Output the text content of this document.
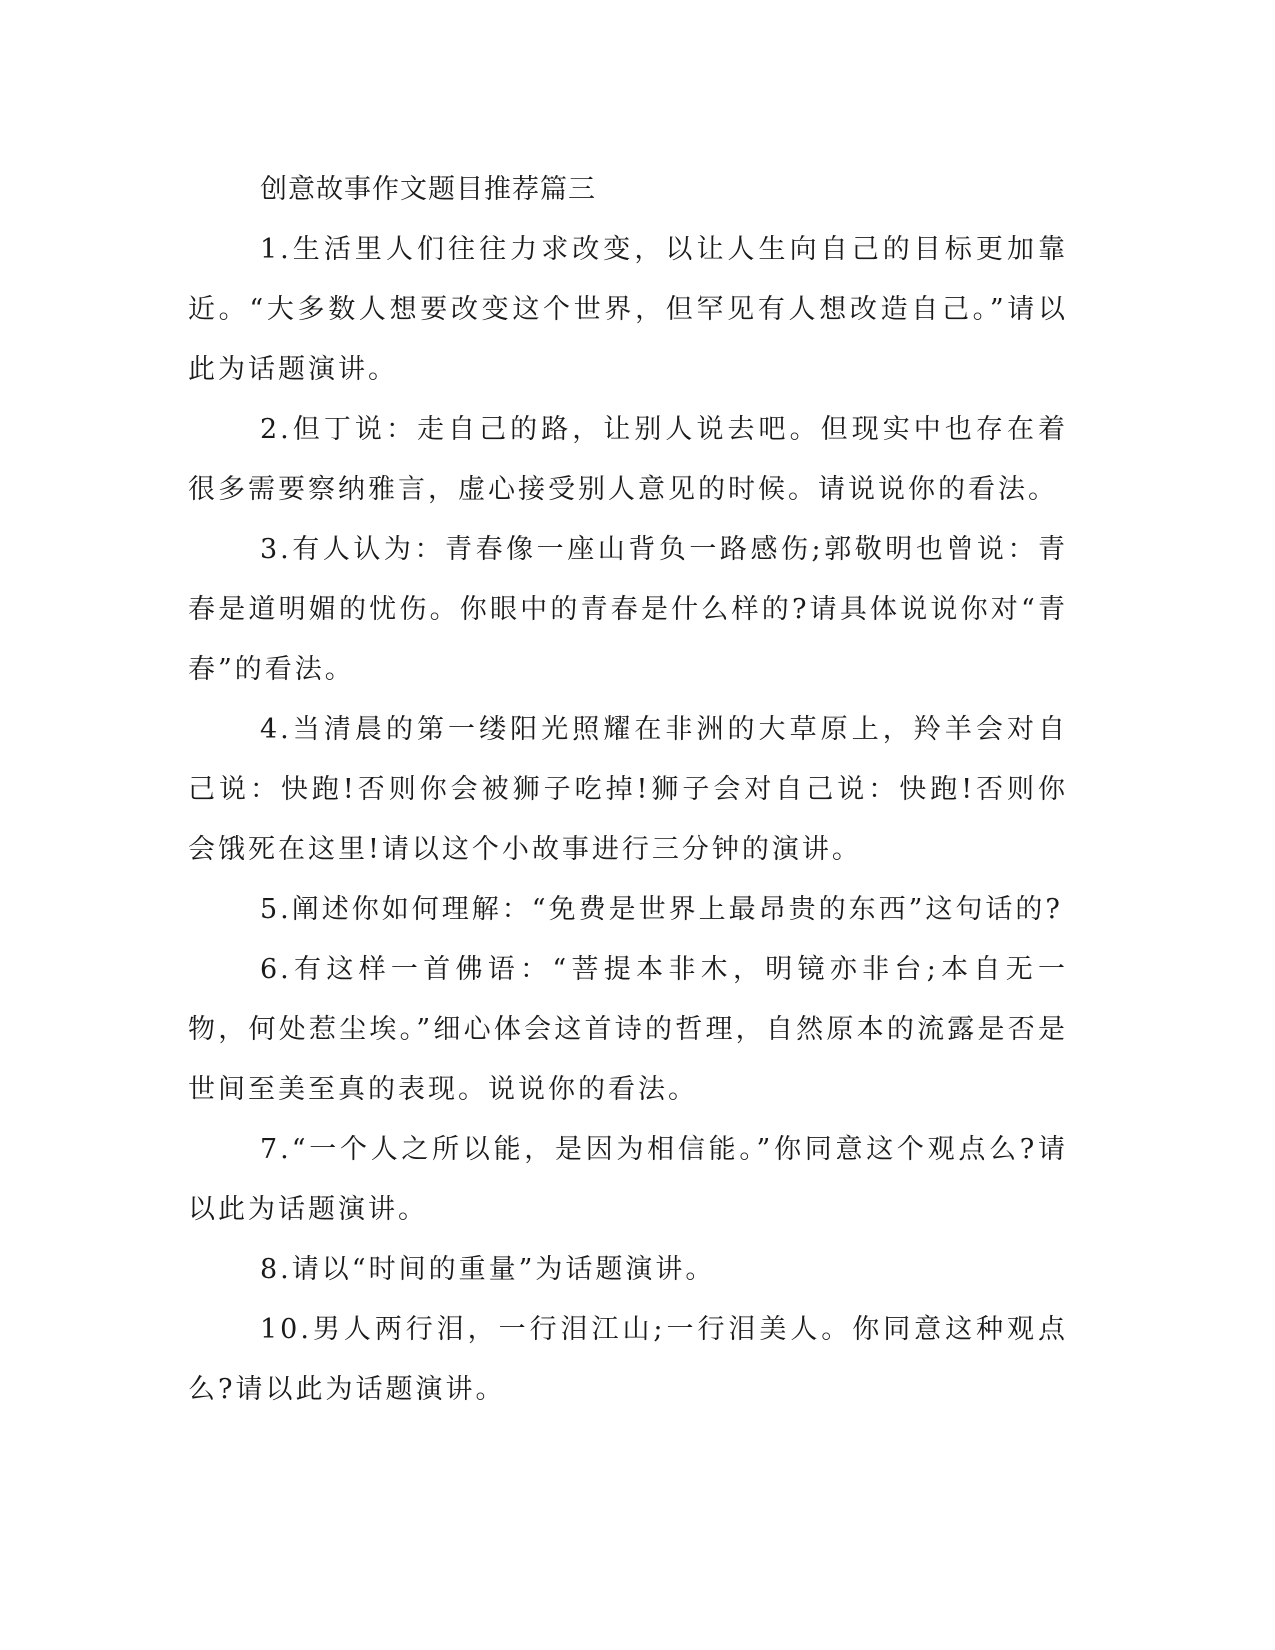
创意故事作文题目推荐篇三

1.生活里人们往往力求改变，以让人生向自己的目标更加靠近。“大多数人想要改变这个世界，但罕见有人想改造自己。”请以此为话题演讲。

2.但丁说：走自己的路，让别人说去吧。但现实中也存在着很多需要察纳雅言，虚心接受别人意见的时候。请说说你的看法。

3.有人认为：青春像一座山背负一路感伤;郭敬明也曾说：青春是道明媚的忧伤。你眼中的青春是什么样的?请具体说说你对“青春”的看法。

4.当清晨的第一缕阳光照耀在非洲的大草原上，羚羊会对自己说：快跑!否则你会被狮子吃掉!狮子会对自己说：快跑!否则你会饿死在这里!请以这个小故事进行三分钟的演讲。

5.阐述你如何理解：“免费是世界上最昂贵的东西”这句话的?

6.有这样一首佛语：“菩提本非木，明镜亦非台;本自无一物，何处惹尘埃。”细心体会这首诗的哲理，自然原本的流露是否是世间至美至真的表现。说说你的看法。

7.“一个人之所以能，是因为相信能。”你同意这个观点么?请以此为话题演讲。

8.请以“时间的重量”为话题演讲。

10.男人两行泪，一行泪江山;一行泪美人。你同意这种观点么?请以此为话题演讲。
